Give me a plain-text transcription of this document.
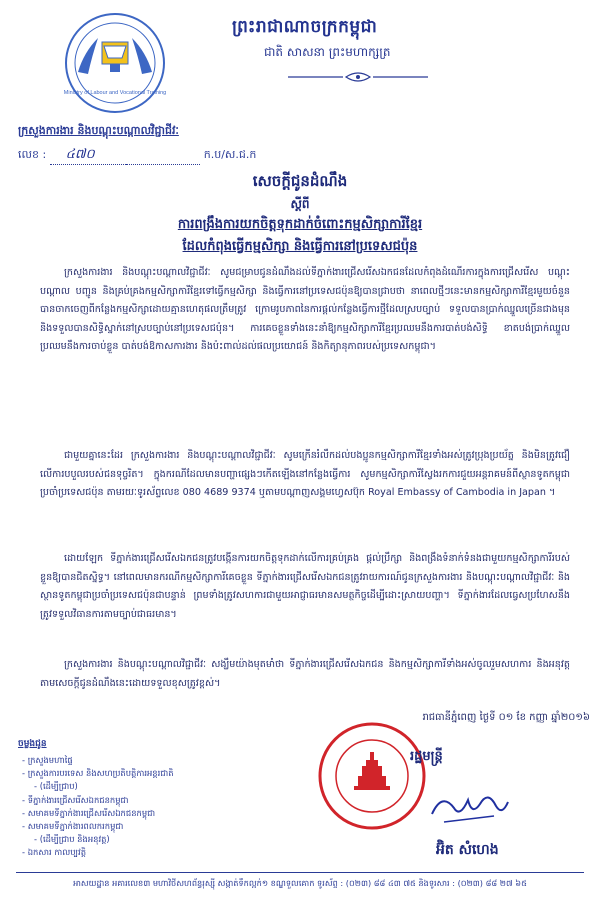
Ministry of Labour and Vocational Training
ព្រះរាជាណាចក្រកម្ពុជា
ជាតិ សាសនា ព្រះមហាក្សត្រ
ក្រសួងការងារ និងបណ្តុះបណ្តាលវិជ្ជាជីវៈ
លេខ : ៤៧០	ក.ប/ស.ជ.ក
សេចក្តីជូនដំណឹង
ស្តីពី
ការពង្រឹងការយកចិត្តទុកដាក់ចំពោះកម្មសិក្សាការីខ្មែរ
ដែលកំពុងធ្វើកម្មសិក្សា និងធ្វើការនៅប្រទេសជប៉ុន
ក្រសួងការងារ និងបណ្តុះបណ្តាលវិជ្ជាជីវៈ សូមជម្រាបជូនដំណឹងដល់ទីភ្នាក់ងារជ្រើសរើសឯកជនដែលកំពុងដំណើរការក្នុងការជ្រើសរើស បណ្តុះបណ្តាល បញ្ជូន និងគ្រប់គ្រងកម្មសិក្សាការីខ្មែរទៅធ្វើកម្មសិក្សា និងធ្វើការនៅប្រទេសជប៉ុនឱ្យបានជ្រាបថា នាពេលថ្មីៗនេះមានកម្មសិក្សាការីខ្មែរមួយចំនួនបានចាកចេញពីកន្លែងកម្មសិក្សាដោយគ្មានហេតុផលត្រឹមត្រូវ ក្រោមរូបភាពនៃការផ្តល់កន្លែងធ្វើការថ្មីដែលស្របច្បាប់ ទទួលបានប្រាក់ឈ្នួលច្រើនជាងមុន និងទទួលបានសិទ្ធិស្នាក់នៅស្របច្បាប់នៅប្រទេសជប៉ុន។ ការគេចខ្លួនទាំងនេះនាំឱ្យកម្មសិក្សាការីខ្មែរប្រឈមនឹងការបាត់បង់សិទ្ធិ ខាតបង់ប្រាក់ឈ្នួល ប្រឈមនឹងការចាប់ខ្លួន បាត់បង់ឱកាសការងារ និងប៉ះពាល់ដល់ផលប្រយោជន៍ និងកិត្យានុភាពរបស់ប្រទេសកម្ពុជា។
ជាមួយគ្នានេះដែរ ក្រសួងការងារ និងបណ្តុះបណ្តាលវិជ្ជាជីវៈ សូមក្រើនរំលឹកដល់បងប្អូនកម្មសិក្សាការីខ្មែរទាំងអស់ត្រូវប្រុងប្រយ័ត្ន និងមិនត្រូវជឿលើការបបួលរបស់ជនទុច្ចរិត។ ក្នុងករណីដែលមានបញ្ហាផ្សេងៗកើតឡើងនៅកន្លែងធ្វើការ សូមកម្មសិក្សាការីស្វែងរកការជួយអន្តរាគមន៍ពីស្ថានទូតកម្ពុជាប្រចាំប្រទេសជប៉ុន តាមរយៈទូរស័ព្ទលេខ 080 4689 9374 ឬតាមបណ្តាញសង្គមហ្វេសប៊ុក Royal Embassy of Cambodia in Japan ។
ដោយឡែក ទីភ្នាក់ងារជ្រើសរើសឯកជនត្រូវបង្កើនការយកចិត្តទុកដាក់លើការគ្រប់គ្រង ផ្តល់ប្រឹក្សា និងពង្រឹងទំនាក់ទំនងជាមួយកម្មសិក្សាការីរបស់ខ្លួនឱ្យបានជិតស្និទ្ធ។ នៅពេលមានករណីកម្មសិក្សាការីគេចខ្លួន ទីភ្នាក់ងារជ្រើសរើសឯកជនត្រូវរាយការណ៍ជូនក្រសួងការងារ និងបណ្តុះបណ្តាលវិជ្ជាជីវៈ និងស្ថានទូតកម្ពុជាប្រចាំប្រទេសជប៉ុនជាបន្ទាន់ ព្រមទាំងត្រូវសហការជាមួយអាជ្ញាធរមានសមត្ថកិច្ចដើម្បីដោះស្រាយបញ្ហា។ ទីភ្នាក់ងារដែលធ្វេសប្រហែសនឹងត្រូវទទួលវិធានការតាមច្បាប់ជាធរមាន។
ក្រសួងការងារ និងបណ្តុះបណ្តាលវិជ្ជាជីវៈ សង្ឃឹមយ៉ាងមុតមាំថា ទីភ្នាក់ងារជ្រើសរើសឯកជន និងកម្មសិក្សាការីទាំងអស់ចូលរួមសហការ និងអនុវត្តតាមសេចក្តីជូនដំណឹងនេះដោយទទួលខុសត្រូវខ្ពស់។
រាជធានីភ្នំពេញ ថ្ងៃទី ០១ ខែ កញ្ញា ឆ្នាំ២០១៦
រដ្ឋមន្ត្រី
អ៊ិត សំហេង
ចម្លងជូន
- ក្រសួងមហាផ្ទៃ
- ក្រសួងការបរទេស និងសហប្រតិបត្តិការអន្តរជាតិ
- (ដើម្បីជ្រាប)
- ទីភ្នាក់ងារជ្រើសរើសឯកជនកម្ពុជា
- សមាគមទីភ្នាក់ងារជ្រើសរើសឯកជនកម្ពុជា
- សមាគមទីភ្នាក់ងារពលករកម្ពុជា
- (ដើម្បីជ្រាប និងអនុវត្ត)
- ឯកសារ កាលប្បវត្តិ
អាសយដ្ឋាន អគារលេខ៣ មហាវិថីសហព័ន្ធរុស្ស៊ី សង្កាត់ទឹកល្អក់១ ខណ្ឌទួលគោក ទូរស័ព្ទ : (០២៣) ៨៨ ៤៣ ៧៥ និងទូរសារ : (០២៣) ៨៨ ២៧ ៦៥
